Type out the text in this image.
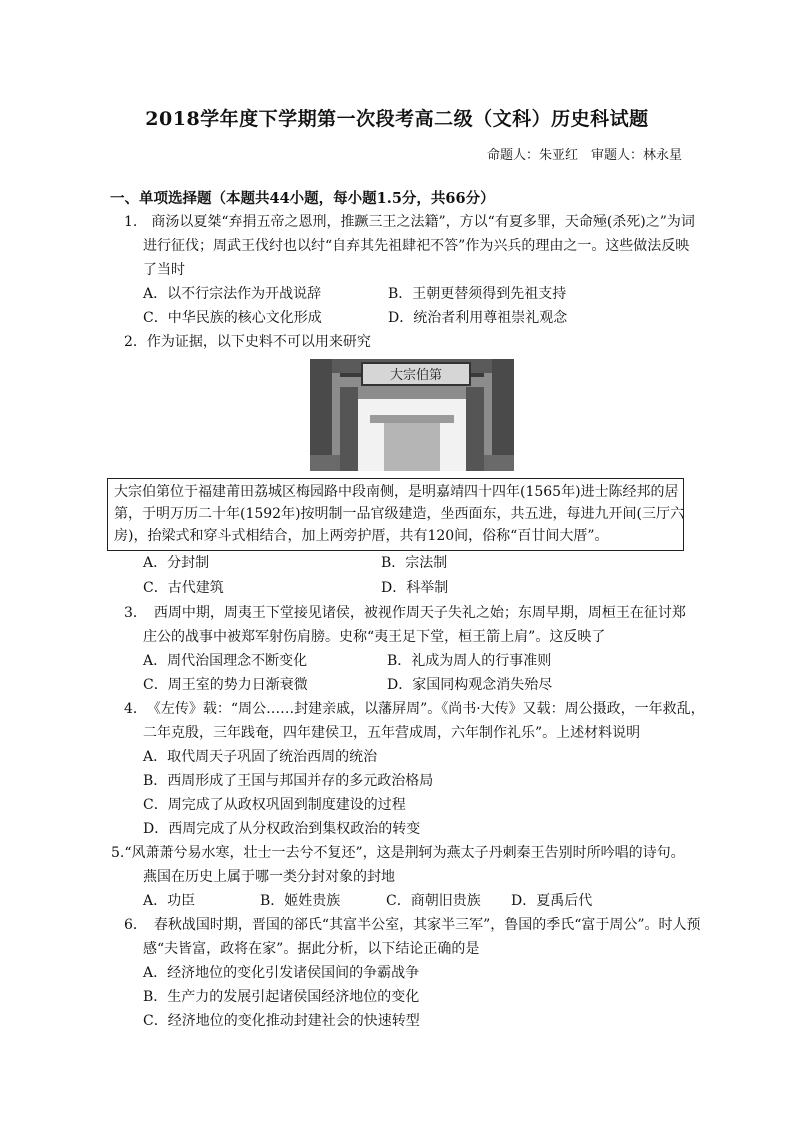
2018学年度下学期第一次段考高二级（文科）历史科试题
命题人：朱亚红　审题人：林永星
一、单项选择题（本题共44小题，每小题1.5分，共66分）
1.　商汤以夏桀“弃捐五帝之恩刑，推蹶三王之法籍”，方以“有夏多罪，天命殛(杀死)之”为词
进行征伐；周武王伐纣也以纣“自弃其先祖肆祀不答”作为兴兵的理由之一。这些做法反映
了当时
A．以不行宗法作为开战说辞	B．王朝更替须得到先祖支持
C．中华民族的核心文化形成	D．统治者利用尊祖崇礼观念
2．作为证据，以下史料不可以用来研究
大宗伯第
大宗伯第位于福建莆田荔城区梅园路中段南侧，是明嘉靖四十四年(1565年)进士陈经邦的居
第，于明万历二十年(1592年)按明制一品官级建造，坐西面东，共五进，每进九开间(三厅六
房)，抬梁式和穿斗式相结合，加上两旁护厝，共有120间，俗称“百廿间大厝”。
A．分封制	B．宗法制
C．古代建筑	D．科举制
3．　西周中期，周夷王下堂接见诸侯，被视作周天子失礼之始；东周早期，周桓王在征讨郑
庄公的战事中被郑军射伤肩膀。史称“夷王足下堂，桓王箭上肩”。这反映了
A．周代治国理念不断变化	B．礼成为周人的行事准则
C．周王室的势力日渐衰微	D．家国同构观念消失殆尽
4．　《左传》载：“周公……封建亲戚，以藩屏周”。《尚书·大传》又载：周公摄政，一年救乱，
二年克殷，三年践奄，四年建侯卫，五年营成周，六年制作礼乐”。上述材料说明
A．取代周天子巩固了统治西周的统治
B．西周形成了王国与邦国并存的多元政治格局
C．周完成了从政权巩固到制度建设的过程
D．西周完成了从分权政治到集权政治的转变
5.“风萧萧兮易水寒，壮士一去兮不复还”，这是荆轲为燕太子丹刺秦王告别时所吟唱的诗句。
燕国在历史上属于哪一类分封对象的封地
A．功臣	B．姬姓贵族	C．商朝旧贵族 D．夏禹后代
6．　春秋战国时期，晋国的郤氏“其富半公室，其家半三军”，鲁国的季氏“富于周公”。时人预
感“夫皆富，政将在家”。据此分析，以下结论正确的是
A．经济地位的变化引发诸侯国间的争霸战争
B．生产力的发展引起诸侯国经济地位的变化
C．经济地位的变化推动封建社会的快速转型
